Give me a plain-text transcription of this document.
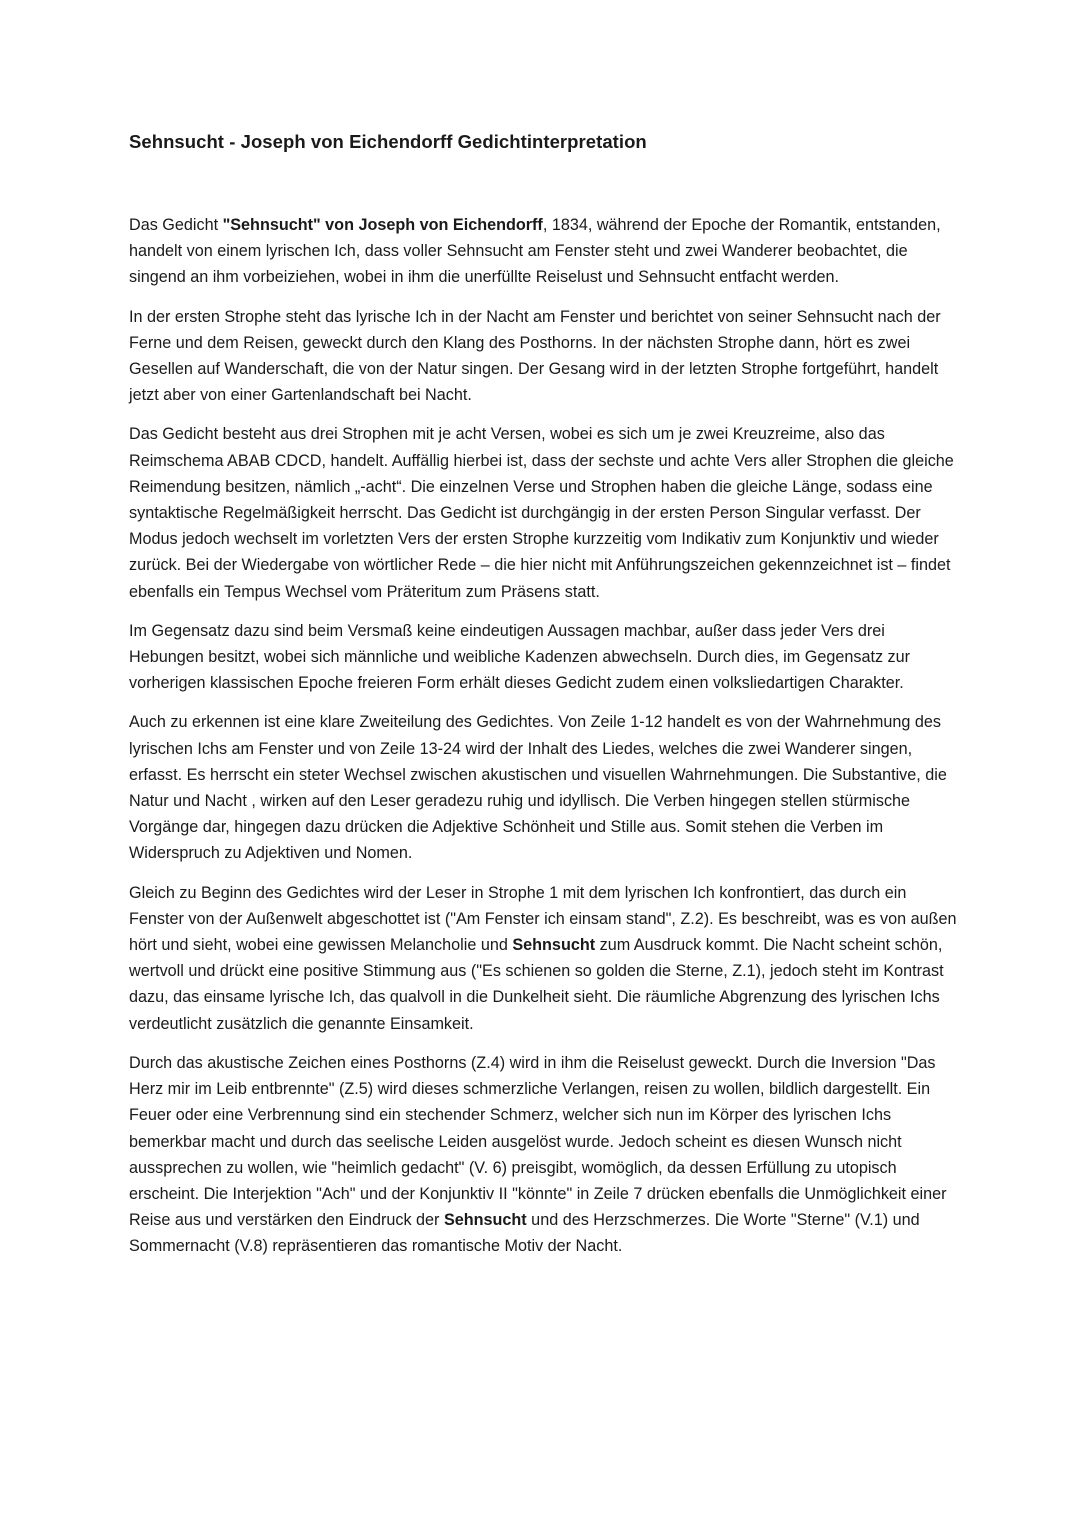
Sehnsucht - Joseph von Eichendorff Gedichtinterpretation

Das Gedicht "Sehnsucht" von Joseph von Eichendorff, 1834, während der Epoche der Romantik, entstanden, handelt von einem lyrischen Ich, dass voller Sehnsucht am Fenster steht und zwei Wanderer beobachtet, die singend an ihm vorbeiziehen, wobei in ihm die unerfüllte Reiselust und Sehnsucht entfacht werden.

In der ersten Strophe steht das lyrische Ich in der Nacht am Fenster und berichtet von seiner Sehnsucht nach der Ferne und dem Reisen, geweckt durch den Klang des Posthorns. In der nächsten Strophe dann, hört es zwei Gesellen auf Wanderschaft, die von der Natur singen. Der Gesang wird in der letzten Strophe fortgeführt, handelt jetzt aber von einer Gartenlandschaft bei Nacht.

Das Gedicht besteht aus drei Strophen mit je acht Versen, wobei es sich um je zwei Kreuzreime, also das Reimschema ABAB CDCD, handelt. Auffällig hierbei ist, dass der sechste und achte Vers aller Strophen die gleiche Reimendung besitzen, nämlich „-acht“. Die einzelnen Verse und Strophen haben die gleiche Länge, sodass eine syntaktische Regelmäßigkeit herrscht. Das Gedicht ist durchgängig in der ersten Person Singular verfasst. Der Modus jedoch wechselt im vorletzten Vers der ersten Strophe kurzzeitig vom Indikativ zum Konjunktiv und wieder zurück. Bei der Wiedergabe von wörtlicher Rede – die hier nicht mit Anführungszeichen gekennzeichnet ist – findet ebenfalls ein Tempus Wechsel vom Präteritum zum Präsens statt.

Im Gegensatz dazu sind beim Versmaß keine eindeutigen Aussagen machbar, außer dass jeder Vers drei Hebungen besitzt, wobei sich männliche und weibliche Kadenzen abwechseln. Durch dies, im Gegensatz zur vorherigen klassischen Epoche freieren Form erhält dieses Gedicht zudem einen volksliedartigen Charakter.

Auch zu erkennen ist eine klare Zweiteilung des Gedichtes. Von Zeile 1-12 handelt es von der Wahrnehmung des lyrischen Ichs am Fenster und von Zeile 13-24 wird der Inhalt des Liedes, welches die zwei Wanderer singen, erfasst. Es herrscht ein steter Wechsel zwischen akustischen und visuellen Wahrnehmungen. Die Substantive, die Natur und Nacht , wirken auf den Leser geradezu ruhig und idyllisch. Die Verben hingegen stellen stürmische Vorgänge dar, hingegen dazu drücken die Adjektive Schönheit und Stille aus. Somit stehen die Verben im Widerspruch zu Adjektiven und Nomen.

Gleich zu Beginn des Gedichtes wird der Leser in Strophe 1 mit dem lyrischen Ich konfrontiert, das durch ein Fenster von der Außenwelt abgeschottet ist ("Am Fenster ich einsam stand", Z.2). Es beschreibt, was es von außen hört und sieht, wobei eine gewissen Melancholie und Sehnsucht zum Ausdruck kommt. Die Nacht scheint schön, wertvoll und drückt eine positive Stimmung aus ("Es schienen so golden die Sterne, Z.1), jedoch steht im Kontrast dazu, das einsame lyrische Ich, das qualvoll in die Dunkelheit sieht. Die räumliche Abgrenzung des lyrischen Ichs verdeutlicht zusätzlich die genannte Einsamkeit.

Durch das akustische Zeichen eines Posthorns (Z.4) wird in ihm die Reiselust geweckt. Durch die Inversion "Das Herz mir im Leib entbrennte" (Z.5) wird dieses schmerzliche Verlangen, reisen zu wollen, bildlich dargestellt. Ein Feuer oder eine Verbrennung sind ein stechender Schmerz, welcher sich nun im Körper des lyrischen Ichs bemerkbar macht und durch das seelische Leiden ausgelöst wurde. Jedoch scheint es diesen Wunsch nicht aussprechen zu wollen, wie "heimlich gedacht" (V. 6) preisgibt, womöglich, da dessen Erfüllung zu utopisch erscheint. Die Interjektion "Ach" und der Konjunktiv II "könnte" in Zeile 7 drücken ebenfalls die Unmöglichkeit einer Reise aus und verstärken den Eindruck der Sehnsucht und des Herzschmerzes. Die Worte "Sterne" (V.1) und Sommernacht (V.8) repräsentieren das romantische Motiv der Nacht.
